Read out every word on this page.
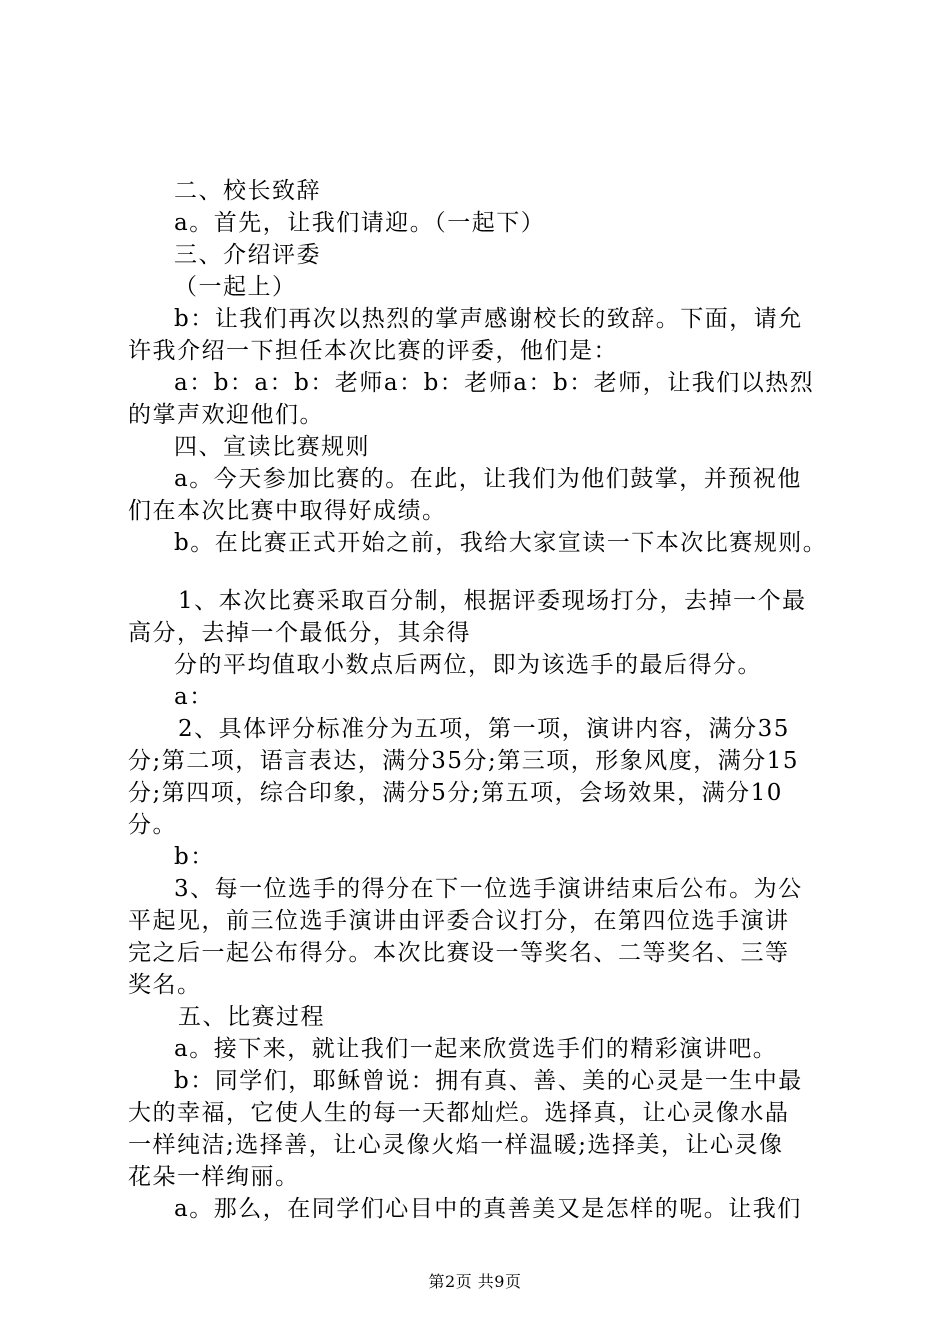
二、校长致辞
a。首先，让我们请迎。（一起下）
三、介绍评委
（一起上）
b：让我们再次以热烈的掌声感谢校长的致辞。下面，请允
许我介绍一下担任本次比赛的评委，他们是：
a：b：a：b：老师a：b：老师a：b：老师，让我们以热烈
的掌声欢迎他们。
四、宣读比赛规则
a。今天参加比赛的。在此，让我们为他们鼓掌，并预祝他
们在本次比赛中取得好成绩。
b。在比赛正式开始之前，我给大家宣读一下本次比赛规则。
1、本次比赛采取百分制，根据评委现场打分，去掉一个最
高分，去掉一个最低分，其余得
分的平均值取小数点后两位，即为该选手的最后得分。
a：
2、具体评分标准分为五项，第一项，演讲内容，满分35
分;第二项，语言表达，满分35分;第三项，形象风度，满分15
分;第四项，综合印象，满分5分;第五项，会场效果，满分10
分。
b：
3、每一位选手的得分在下一位选手演讲结束后公布。为公
平起见，前三位选手演讲由评委合议打分，在第四位选手演讲
完之后一起公布得分。本次比赛设一等奖名、二等奖名、三等
奖名。
五、比赛过程
a。接下来，就让我们一起来欣赏选手们的精彩演讲吧。
b：同学们，耶稣曾说：拥有真、善、美的心灵是一生中最
大的幸福，它使人生的每一天都灿烂。选择真，让心灵像水晶
一样纯洁;选择善，让心灵像火焰一样温暖;选择美，让心灵像
花朵一样绚丽。
a。那么，在同学们心目中的真善美又是怎样的呢。让我们
第2页 共9页
